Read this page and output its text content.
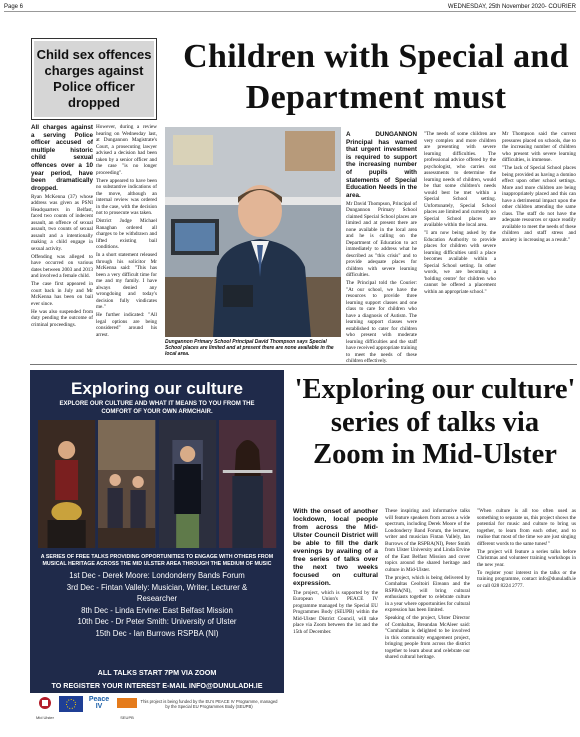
Page 6	WEDNESDAY, 25th November 2020- COURIER
Child sex offences charges against Police officer dropped

All charges against a serving Police officer accused of multiple historic child sexual offences over a 10 year period, have been dramatically dropped.

Ryan McKenna (37) whose address was given as PSNI Headquarters in Belfast, faced two counts of indecent assault, an offence of sexual assault, two counts of sexual assault and a intentionally making a child engage in sexual activity.

Offending was alleged to have occurred on various dates between 2003 and 2013 and involved a female child.

The case first appeared in court back in July and Mr McKenna has been on bail ever since.

He was also suspended from duty pending the outcome of criminal proceedings.

However, during a review hearing on Wednesday last, at Dungannon Magistrate's Court, a prosecuting lawyer advised a decision had been taken by a senior officer and the case "is no longer proceeding".

There appeared to have been no substantive indications of the move, although an internal review was ordered in the case, with the decision not to prosecute was taken.

District Judge Michael Ranaghan ordered all charges to be withdrawn and lifted existing bail conditions.

In a short statement released through his solicitor Mr McKenna said: "This has been a very difficult time for me and my family. I have always denied any wrongdoing and today's decision fully vindicates me."

He further indicated: "All legal options are being considered" around his arrest.

Children with Special and Department must
Dungannon Primary School Principal David Thompson says Special School places are limited and at present there are none available in the local area.

A DUNGANNON Principal has warned that urgent investment is required to support the increasing number of pupils with statements of Special Education Needs in the area.

Mr David Thompson, Principal of Dungannon Primary School claimed Special School places are limited and at present there are none available in the local area and he is calling on the Department of Education to act immediately to address what he described as "this crisis" and to provide adequate places for children with severe learning difficulties.

The Principal told the Courier: "At our school, we have the resources to provide three learning support classes and one class to care for children who have a diagnosis of Autism. The learning support classes were established to cater for children who present with moderate learning difficulties and the staff have received appropriate training to meet the needs of these children effectively.

"The needs of some children are very complex and more children are presenting with severe learning difficulties. The professional advice offered by the psychologist, who carries out assessments to determine the learning needs of children, would be that some children's needs would best be met within a Special School setting. Unfortunately, Special School places are limited and currently no Special School places are available within the local area.

"I am now being asked by the Education Authority to provide places for children with severe learning difficulties until a place becomes available within a Special School setting. In other words, we are becoming a 'holding centre' for children who cannot be offered a placement within an appropriate school."

Mr Thompson said the current pressures placed on schools, due to the increasing number of children who present with severe learning difficulties, is immense.

"The lack of Special School places being provided as having a domino effect upon other school settings. More and more children are being inappropriately placed and this can have a detrimental impact upon the other children attending the same class. The staff do not have the adequate resources or space readily available to meet the needs of these children and staff stress and anxiety is increasing as a result."

Exploring our culture
EXPLORE OUR CULTURE AND WHAT IT MEANS TO YOU FROM THE COMFORT OF YOUR OWN ARMCHAIR.
A SERIES OF FREE TALKS PROVIDING OPPORTUNITIES TO ENGAGE WITH OTHERS FROM MUSICAL HERITAGE ACROSS THE MID ULSTER AREA THROUGH THE MEDIUM OF MUSIC
1st Dec - Derek Moore: Londonderry Bands Forum
3rd Dec - Fintan Vallely: Musician, Writer, Lecturer &
Researcher
8th Dec - Linda Ervine: East Belfast Mission
10th Dec - Dr Peter Smith: University of Ulster
15th Dec - Ian Burrows RSPBA (NI)
ALL TALKS START 7PM VIA ZOOM
TO REGISTER YOUR INTEREST E-MAIL INFO@DUNULADH.IE
Mid Ulster
Peace IV
SEUPB
This project is being funded by the EU's PEACE IV Programme, managed by the Special EU Programmes Body (SEUPB)
'Exploring our culture' series of talks via Zoom in Mid-Ulster

With the onset of another lockdown, local people from across the Mid-Ulster Council District will be able to fill the dark evenings by availing of a free series of talks over the next two weeks focused on cultural expression.

The project, which is supported by the European Union's PEACE IV programme managed by the Special EU Programmes Body (SEUPB) within the Mid-Ulster District Council, will take place via Zoom between the 1st and the 15th of December.

These inspiring and informative talks will feature speakers from across a wide spectrum, including Derek Moore of the Londonderry Band Forum, the lecturer, writer and musician Fintan Vallely, Ian Burrows of the RSPBA(NI), Peter Smith from Ulster University and Linda Ervine of the East Belfast Mission and cover topics around the shared heritage and culture in Mid-Ulster.

The project, which is being delivered by Comhaltas Ceoltoiri Eireann and the RSPBA(NI), will bring cultural enthusiasts together to celebrate culture in a year where opportunities for cultural expression has been limited.

Speaking of the project, Ulster Director of Comhaltas, Breandan McAleer said: "Comhaltas is delighted to be involved in this community engagement project, bringing people from across the district together to learn about and celebrate our shared cultural heritage.

"When culture is all too often used as something to separate us, this project shows the potential for music and culture to bring us together, to learn from each other, and to realise that most of the time we are just singing different words to the same tunes!"

The project will feature a series talks before Christmas and volunteer training workshops in the new year.

To register your interest in the talks or the training programme, contact info@dunuladh.ie or call 028 8224 2777.
